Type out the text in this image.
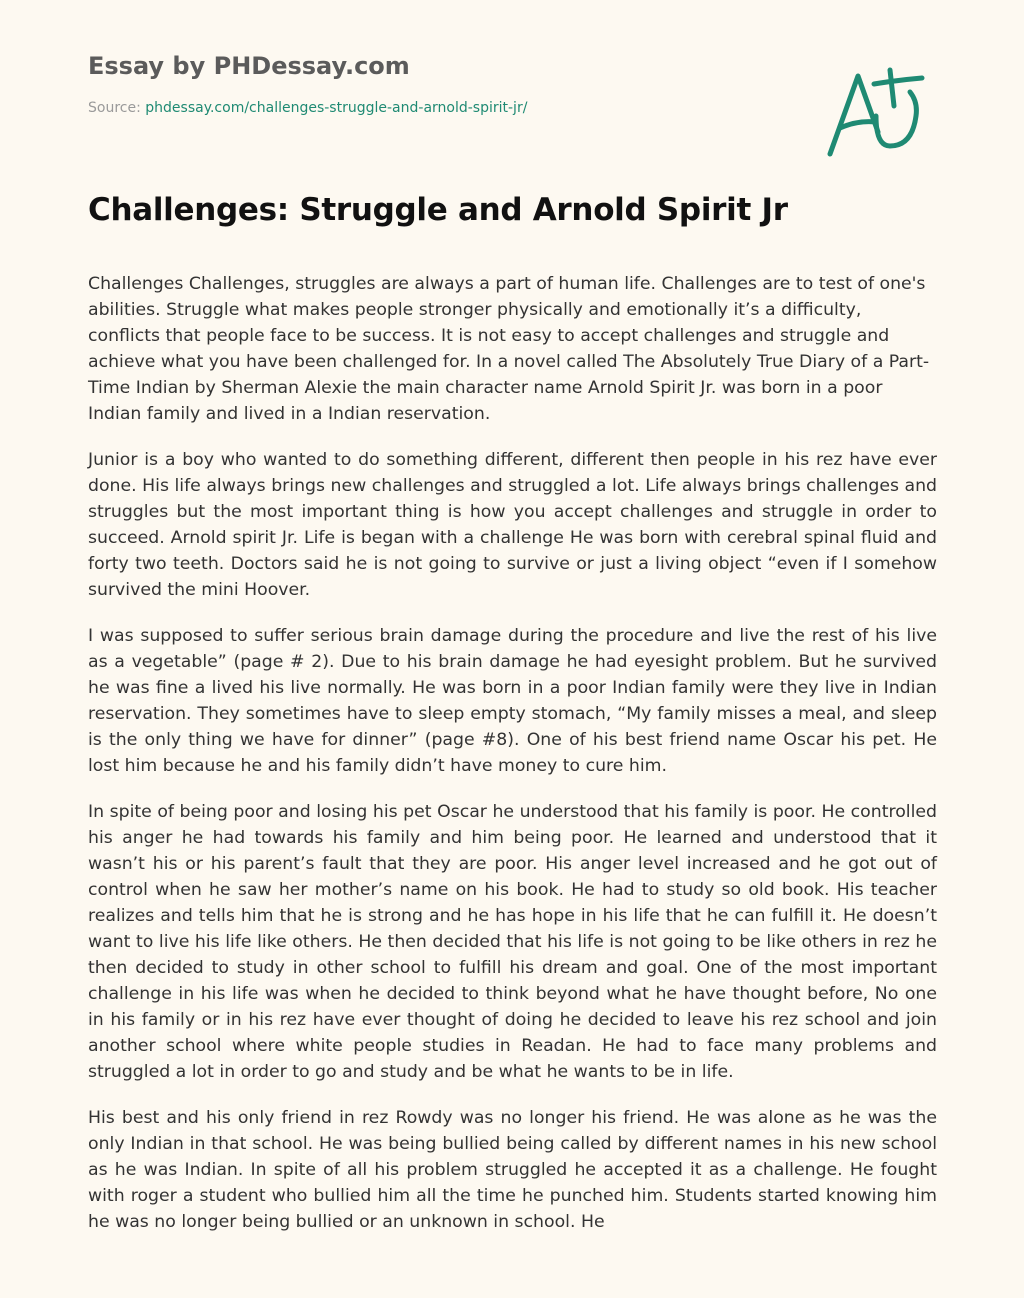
Essay by PHDessay.com

Source: phdessay.com/challenges-struggle-and-arnold-spirit-jr/
A+
Challenges: Struggle and Arnold Spirit Jr

Challenges Challenges, struggles are always a part of human life. Challenges are to test of one's abilities. Struggle what makes people stronger physically and emotionally it’s a difficulty, conflicts that people face to be success. It is not easy to accept challenges and struggle and achieve what you have been challenged for. In a novel called The Absolutely True Diary of a Part-Time Indian by Sherman Alexie the main character name Arnold Spirit Jr. was born in a poor Indian family and lived in a Indian reservation.

Junior is a boy who wanted to do something different, different then people in his rez have ever done. His life always brings new challenges and struggled a lot. Life always brings challenges and struggles but the most important thing is how you accept challenges and struggle in order to succeed. Arnold spirit Jr. Life is began with a challenge He was born with cerebral spinal fluid and forty two teeth. Doctors said he is not going to survive or just a living object “even if I somehow survived the mini Hoover.

I was supposed to suffer serious brain damage during the procedure and live the rest of his live as a vegetable” (page # 2). Due to his brain damage he had eyesight problem. But he survived he was fine a lived his live normally. He was born in a poor Indian family were they live in Indian reservation. They sometimes have to sleep empty stomach, “My family misses a meal, and sleep is the only thing we have for dinner” (page #8). One of his best friend name Oscar his pet. He lost him because he and his family didn’t have money to cure him.

In spite of being poor and losing his pet Oscar he understood that his family is poor. He controlled his anger he had towards his family and him being poor. He learned and understood that it wasn’t his or his parent’s fault that they are poor. His anger level increased and he got out of control when he saw her mother’s name on his book. He had to study so old book. His teacher realizes and tells him that he is strong and he has hope in his life that he can fulfill it. He doesn’t want to live his life like others. He then decided that his life is not going to be like others in rez he then decided to study in other school to fulfill his dream and goal. One of the most important challenge in his life was when he decided to think beyond what he have thought before, No one in his family or in his rez have ever thought of doing he decided to leave his rez school and join another school where white people studies in Readan. He had to face many problems and struggled a lot in order to go and study and be what he wants to be in life.

His best and his only friend in rez Rowdy was no longer his friend. He was alone as he was the only Indian in that school. He was being bullied being called by different names in his new school as he was Indian. In spite of all his problem struggled he accepted it as a challenge. He fought with roger a student who bullied him all the time he punched him. Students started knowing him he was no longer being bullied or an unknown in school. He
